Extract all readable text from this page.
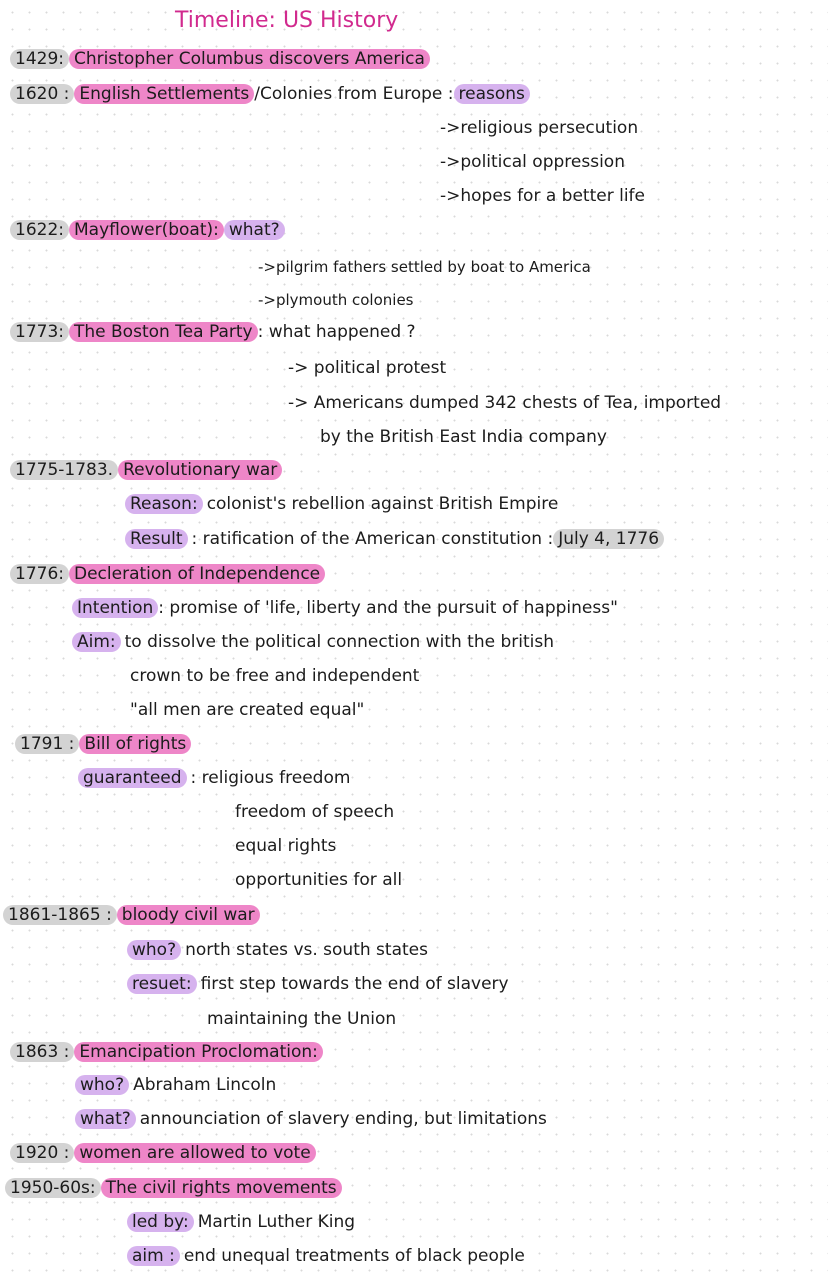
Timeline: US History
1429: Christopher Columbus discovers America
1620 : English Settlements /Colonies from Europe : reasons
->religious persecution
->political oppression
->hopes for a better life
1622: Mayflower(boat): what?
->pilgrim fathers settled by boat to America
->plymouth colonies
1773: The Boston Tea Party : what happened ?
-> political protest
-> Americans dumped 342 chests of Tea, imported
by the British East India company
1775-1783. Revolutionary war
Reason: colonist's rebellion against British Empire
Result : ratification of the American constitution : July 4, 1776
1776: Decleration of Independence
Intention : promise of 'life, liberty and the pursuit of happiness"
Aim: to dissolve the political connection with the british
crown to be free and independent
"all men are created equal"
1791 : Bill of rights
guaranteed : religious freedom
freedom of speech
equal rights
opportunities for all
1861-1865 : bloody civil war
who? north states vs. south states
resuet: first step towards the end of slavery
maintaining the Union
1863 : Emancipation Proclomation:
who? Abraham Lincoln
what? announciation of slavery ending, but limitations
1920 : women are allowed to vote
1950-60s: The civil rights movements
led by: Martin Luther King
aim : end unequal treatments of black people
